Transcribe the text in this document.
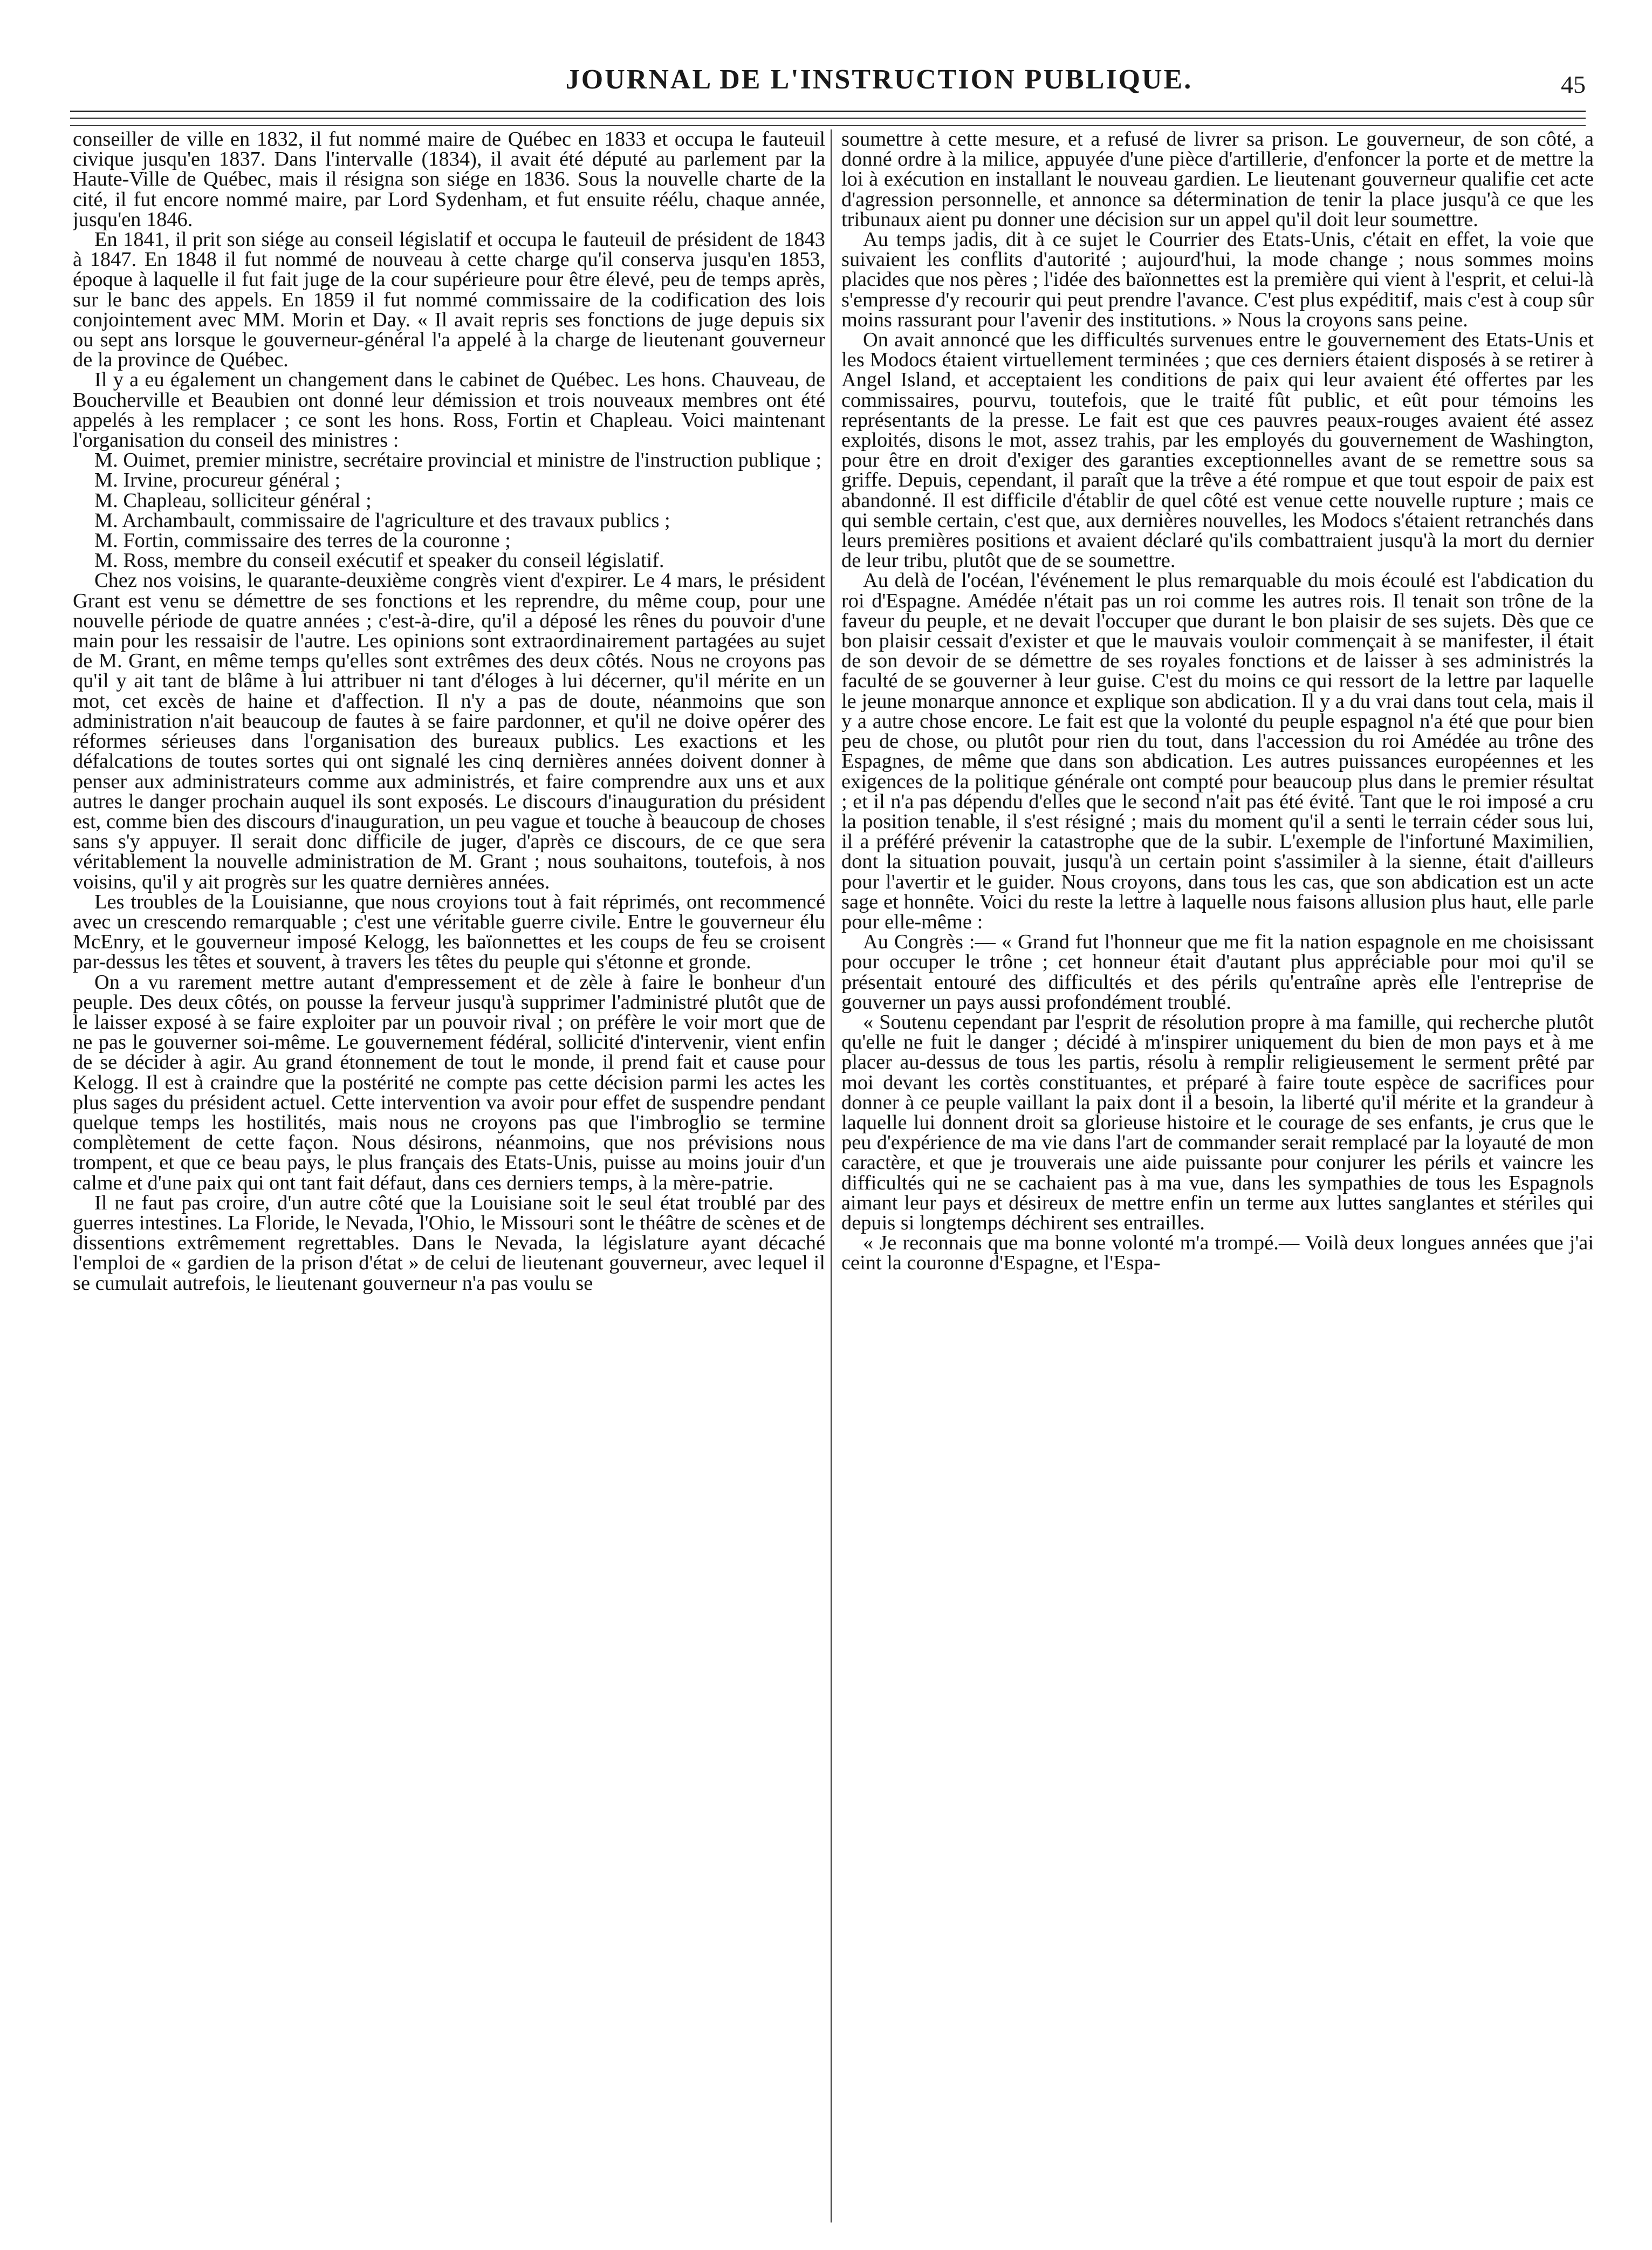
JOURNAL DE L'INSTRUCTION PUBLIQUE.	45

conseiller de ville en 1832, il fut nommé maire de Québec en 1833 et occupa le fauteuil civique jusqu'en 1837. Dans l'intervalle (1834), il avait été député au parlement par la Haute-Ville de Québec, mais il résigna son siége en 1836. Sous la nouvelle charte de la cité, il fut encore nommé maire, par Lord Sydenham, et fut ensuite réélu, chaque année, jusqu'en 1846.

En 1841, il prit son siége au conseil législatif et occupa le fauteuil de président de 1843 à 1847. En 1848 il fut nommé de nouveau à cette charge qu'il conserva jusqu'en 1853, époque à laquelle il fut fait juge de la cour supérieure pour être élevé, peu de temps après, sur le banc des appels. En 1859 il fut nommé commissaire de la codification des lois conjointement avec MM. Morin et Day. « Il avait repris ses fonctions de juge depuis six ou sept ans lorsque le gouverneur-général l'a appelé à la charge de lieutenant gouverneur de la province de Québec.

Il y a eu également un changement dans le cabinet de Québec. Les hons. Chauveau, de Boucherville et Beaubien ont donné leur démission et trois nouveaux membres ont été appelés à les remplacer ; ce sont les hons. Ross, Fortin et Chapleau. Voici maintenant l'organisation du conseil des ministres :

M. Ouimet, premier ministre, secrétaire provincial et ministre de l'instruction publique ;

M. Irvine, procureur général ;

M. Chapleau, solliciteur général ;

M. Archambault, commissaire de l'agriculture et des travaux publics ;

M. Fortin, commissaire des terres de la couronne ;

M. Ross, membre du conseil exécutif et speaker du conseil législatif.

Chez nos voisins, le quarante-deuxième congrès vient d'expirer. Le 4 mars, le président Grant est venu se démettre de ses fonctions et les reprendre, du même coup, pour une nouvelle période de quatre années ; c'est-à-dire, qu'il a déposé les rênes du pouvoir d'une main pour les ressaisir de l'autre. Les opinions sont extraordinairement partagées au sujet de M. Grant, en même temps qu'elles sont extrêmes des deux côtés. Nous ne croyons pas qu'il y ait tant de blâme à lui attribuer ni tant d'éloges à lui décerner, qu'il mérite en un mot, cet excès de haine et d'affection. Il n'y a pas de doute, néanmoins que son administration n'ait beaucoup de fautes à se faire pardonner, et qu'il ne doive opérer des réformes sérieuses dans l'organisation des bureaux publics. Les exactions et les défalcations de toutes sortes qui ont signalé les cinq dernières années doivent donner à penser aux administrateurs comme aux administrés, et faire comprendre aux uns et aux autres le danger prochain auquel ils sont exposés. Le discours d'inauguration du président est, comme bien des discours d'inauguration, un peu vague et touche à beaucoup de choses sans s'y appuyer. Il serait donc difficile de juger, d'après ce discours, de ce que sera véritablement la nouvelle administration de M. Grant ; nous souhaitons, toutefois, à nos voisins, qu'il y ait progrès sur les quatre dernières années.

Les troubles de la Louisianne, que nous croyions tout à fait réprimés, ont recommencé avec un crescendo remarquable ; c'est une véritable guerre civile. Entre le gouverneur élu McEnry, et le gouverneur imposé Kelogg, les baïonnettes et les coups de feu se croisent par-dessus les têtes et souvent, à travers les têtes du peuple qui s'étonne et gronde.

On a vu rarement mettre autant d'empressement et de zèle à faire le bonheur d'un peuple. Des deux côtés, on pousse la ferveur jusqu'à supprimer l'administré plutôt que de le laisser exposé à se faire exploiter par un pouvoir rival ; on préfère le voir mort que de ne pas le gouverner soi-même. Le gouvernement fédéral, sollicité d'intervenir, vient enfin de se décider à agir. Au grand étonnement de tout le monde, il prend fait et cause pour Kelogg. Il est à craindre que la postérité ne compte pas cette décision parmi les actes les plus sages du président actuel. Cette intervention va avoir pour effet de suspendre pendant quelque temps les hostilités, mais nous ne croyons pas que l'imbroglio se termine complètement de cette façon. Nous désirons, néanmoins, que nos prévisions nous trompent, et que ce beau pays, le plus français des Etats-Unis, puisse au moins jouir d'un calme et d'une paix qui ont tant fait défaut, dans ces derniers temps, à la mère-patrie.

Il ne faut pas croire, d'un autre côté que la Louisiane soit le seul état troublé par des guerres intestines. La Floride, le Nevada, l'Ohio, le Missouri sont le théâtre de scènes et de dissentions extrêmement regrettables. Dans le Nevada, la législature ayant décaché l'emploi de « gardien de la prison d'état » de celui de lieutenant gouverneur, avec lequel il se cumulait autrefois, le lieutenant gouverneur n'a pas voulu se

soumettre à cette mesure, et a refusé de livrer sa prison. Le gouverneur, de son côté, a donné ordre à la milice, appuyée d'une pièce d'artillerie, d'enfoncer la porte et de mettre la loi à exécution en installant le nouveau gardien. Le lieutenant gouverneur qualifie cet acte d'agression personnelle, et annonce sa détermination de tenir la place jusqu'à ce que les tribunaux aient pu donner une décision sur un appel qu'il doit leur soumettre.

Au temps jadis, dit à ce sujet le Courrier des Etats-Unis, c'était en effet, la voie que suivaient les conflits d'autorité ; aujourd'hui, la mode change ; nous sommes moins placides que nos pères ; l'idée des baïonnettes est la première qui vient à l'esprit, et celui-là s'empresse d'y recourir qui peut prendre l'avance. C'est plus expéditif, mais c'est à coup sûr moins rassurant pour l'avenir des institutions. » Nous la croyons sans peine.

On avait annoncé que les difficultés survenues entre le gouvernement des Etats-Unis et les Modocs étaient virtuellement terminées ; que ces derniers étaient disposés à se retirer à Angel Island, et acceptaient les conditions de paix qui leur avaient été offertes par les commissaires, pourvu, toutefois, que le traité fût public, et eût pour témoins les représentants de la presse. Le fait est que ces pauvres peaux-rouges avaient été assez exploités, disons le mot, assez trahis, par les employés du gouvernement de Washington, pour être en droit d'exiger des garanties exceptionnelles avant de se remettre sous sa griffe. Depuis, cependant, il paraît que la trêve a été rompue et que tout espoir de paix est abandonné. Il est difficile d'établir de quel côté est venue cette nouvelle rupture ; mais ce qui semble certain, c'est que, aux dernières nouvelles, les Modocs s'étaient retranchés dans leurs premières positions et avaient déclaré qu'ils combattraient jusqu'à la mort du dernier de leur tribu, plutôt que de se soumettre.

Au delà de l'océan, l'événement le plus remarquable du mois écoulé est l'abdication du roi d'Espagne. Amédée n'était pas un roi comme les autres rois. Il tenait son trône de la faveur du peuple, et ne devait l'occuper que durant le bon plaisir de ses sujets. Dès que ce bon plaisir cessait d'exister et que le mauvais vouloir commençait à se manifester, il était de son devoir de se démettre de ses royales fonctions et de laisser à ses administrés la faculté de se gouverner à leur guise. C'est du moins ce qui ressort de la lettre par laquelle le jeune monarque annonce et explique son abdication. Il y a du vrai dans tout cela, mais il y a autre chose encore. Le fait est que la volonté du peuple espagnol n'a été que pour bien peu de chose, ou plutôt pour rien du tout, dans l'accession du roi Amédée au trône des Espagnes, de même que dans son abdication. Les autres puissances européennes et les exigences de la politique générale ont compté pour beaucoup plus dans le premier résultat ; et il n'a pas dépendu d'elles que le second n'ait pas été évité. Tant que le roi imposé a cru la position tenable, il s'est résigné ; mais du moment qu'il a senti le terrain céder sous lui, il a préféré prévenir la catastrophe que de la subir. L'exemple de l'infortuné Maximilien, dont la situation pouvait, jusqu'à un certain point s'assimiler à la sienne, était d'ailleurs pour l'avertir et le guider. Nous croyons, dans tous les cas, que son abdication est un acte sage et honnête. Voici du reste la lettre à laquelle nous faisons allusion plus haut, elle parle pour elle-même :

Au Congrès :— « Grand fut l'honneur que me fit la nation espagnole en me choisissant pour occuper le trône ; cet honneur était d'autant plus appréciable pour moi qu'il se présentait entouré des difficultés et des périls qu'entraîne après elle l'entreprise de gouverner un pays aussi profondément troublé.

« Soutenu cependant par l'esprit de résolution propre à ma famille, qui recherche plutôt qu'elle ne fuit le danger ; décidé à m'inspirer uniquement du bien de mon pays et à me placer au-dessus de tous les partis, résolu à remplir religieusement le serment prêté par moi devant les cortès constituantes, et préparé à faire toute espèce de sacrifices pour donner à ce peuple vaillant la paix dont il a besoin, la liberté qu'il mérite et la grandeur à laquelle lui donnent droit sa glorieuse histoire et le courage de ses enfants, je crus que le peu d'expérience de ma vie dans l'art de commander serait remplacé par la loyauté de mon caractère, et que je trouverais une aide puissante pour conjurer les périls et vaincre les difficultés qui ne se cachaient pas à ma vue, dans les sympathies de tous les Espagnols aimant leur pays et désireux de mettre enfin un terme aux luttes sanglantes et stériles qui depuis si longtemps déchirent ses entrailles.

« Je reconnais que ma bonne volonté m'a trompé.— Voilà deux longues années que j'ai ceint la couronne d'Espagne, et l'Espa-
